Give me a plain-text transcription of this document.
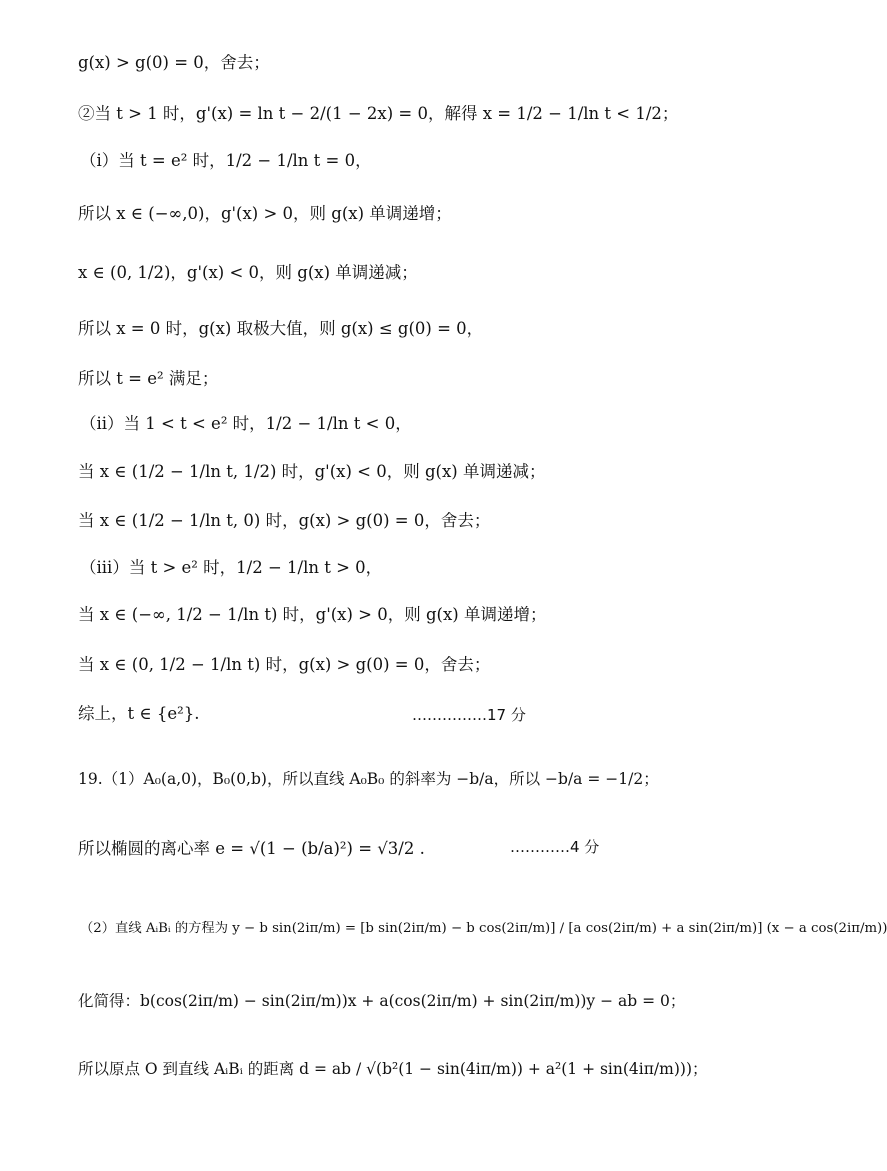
g(x) > g(0) = 0，舍去；
②当 t > 1 时，g'(x) = ln t − 2/(1 − 2x) = 0，解得 x = 1/2 − 1/ln t < 1/2；
（i）当 t = e² 时，1/2 − 1/ln t = 0，
所以 x ∈ (−∞,0)，g'(x) > 0，则 g(x) 单调递增；
x ∈ (0, 1/2)，g'(x) < 0，则 g(x) 单调递减；
所以 x = 0 时，g(x) 取极大值，则 g(x) ≤ g(0) = 0，
所以 t = e² 满足；
（ii）当 1 < t < e² 时，1/2 − 1/ln t < 0，
当 x ∈ (1/2 − 1/ln t, 1/2) 时，g'(x) < 0，则 g(x) 单调递减；
当 x ∈ (1/2 − 1/ln t, 0) 时，g(x) > g(0) = 0，舍去；
（iii）当 t > e² 时，1/2 − 1/ln t > 0，
当 x ∈ (−∞, 1/2 − 1/ln t) 时，g'(x) > 0，则 g(x) 单调递增；
当 x ∈ (0, 1/2 − 1/ln t) 时，g(x) > g(0) = 0，舍去；
综上，t ∈ {e²}.	……………17 分
19.（1）A₀(a,0)，B₀(0,b)，所以直线 A₀B₀ 的斜率为 −b/a，所以 −b/a = −1/2；
所以椭圆的离心率 e = √(1 − (b/a)²) = √3/2 .	…………4 分
（2）直线 AᵢBᵢ 的方程为 y − b sin(2iπ/m) = [b sin(2iπ/m) − b cos(2iπ/m)] / [a cos(2iπ/m) + a sin(2iπ/m)] (x − a cos(2iπ/m))
化简得：b(cos(2iπ/m) − sin(2iπ/m))x + a(cos(2iπ/m) + sin(2iπ/m))y − ab = 0；
所以原点 O 到直线 AᵢBᵢ 的距离 d = ab / √(b²(1 − sin(4iπ/m)) + a²(1 + sin(4iπ/m)))；
